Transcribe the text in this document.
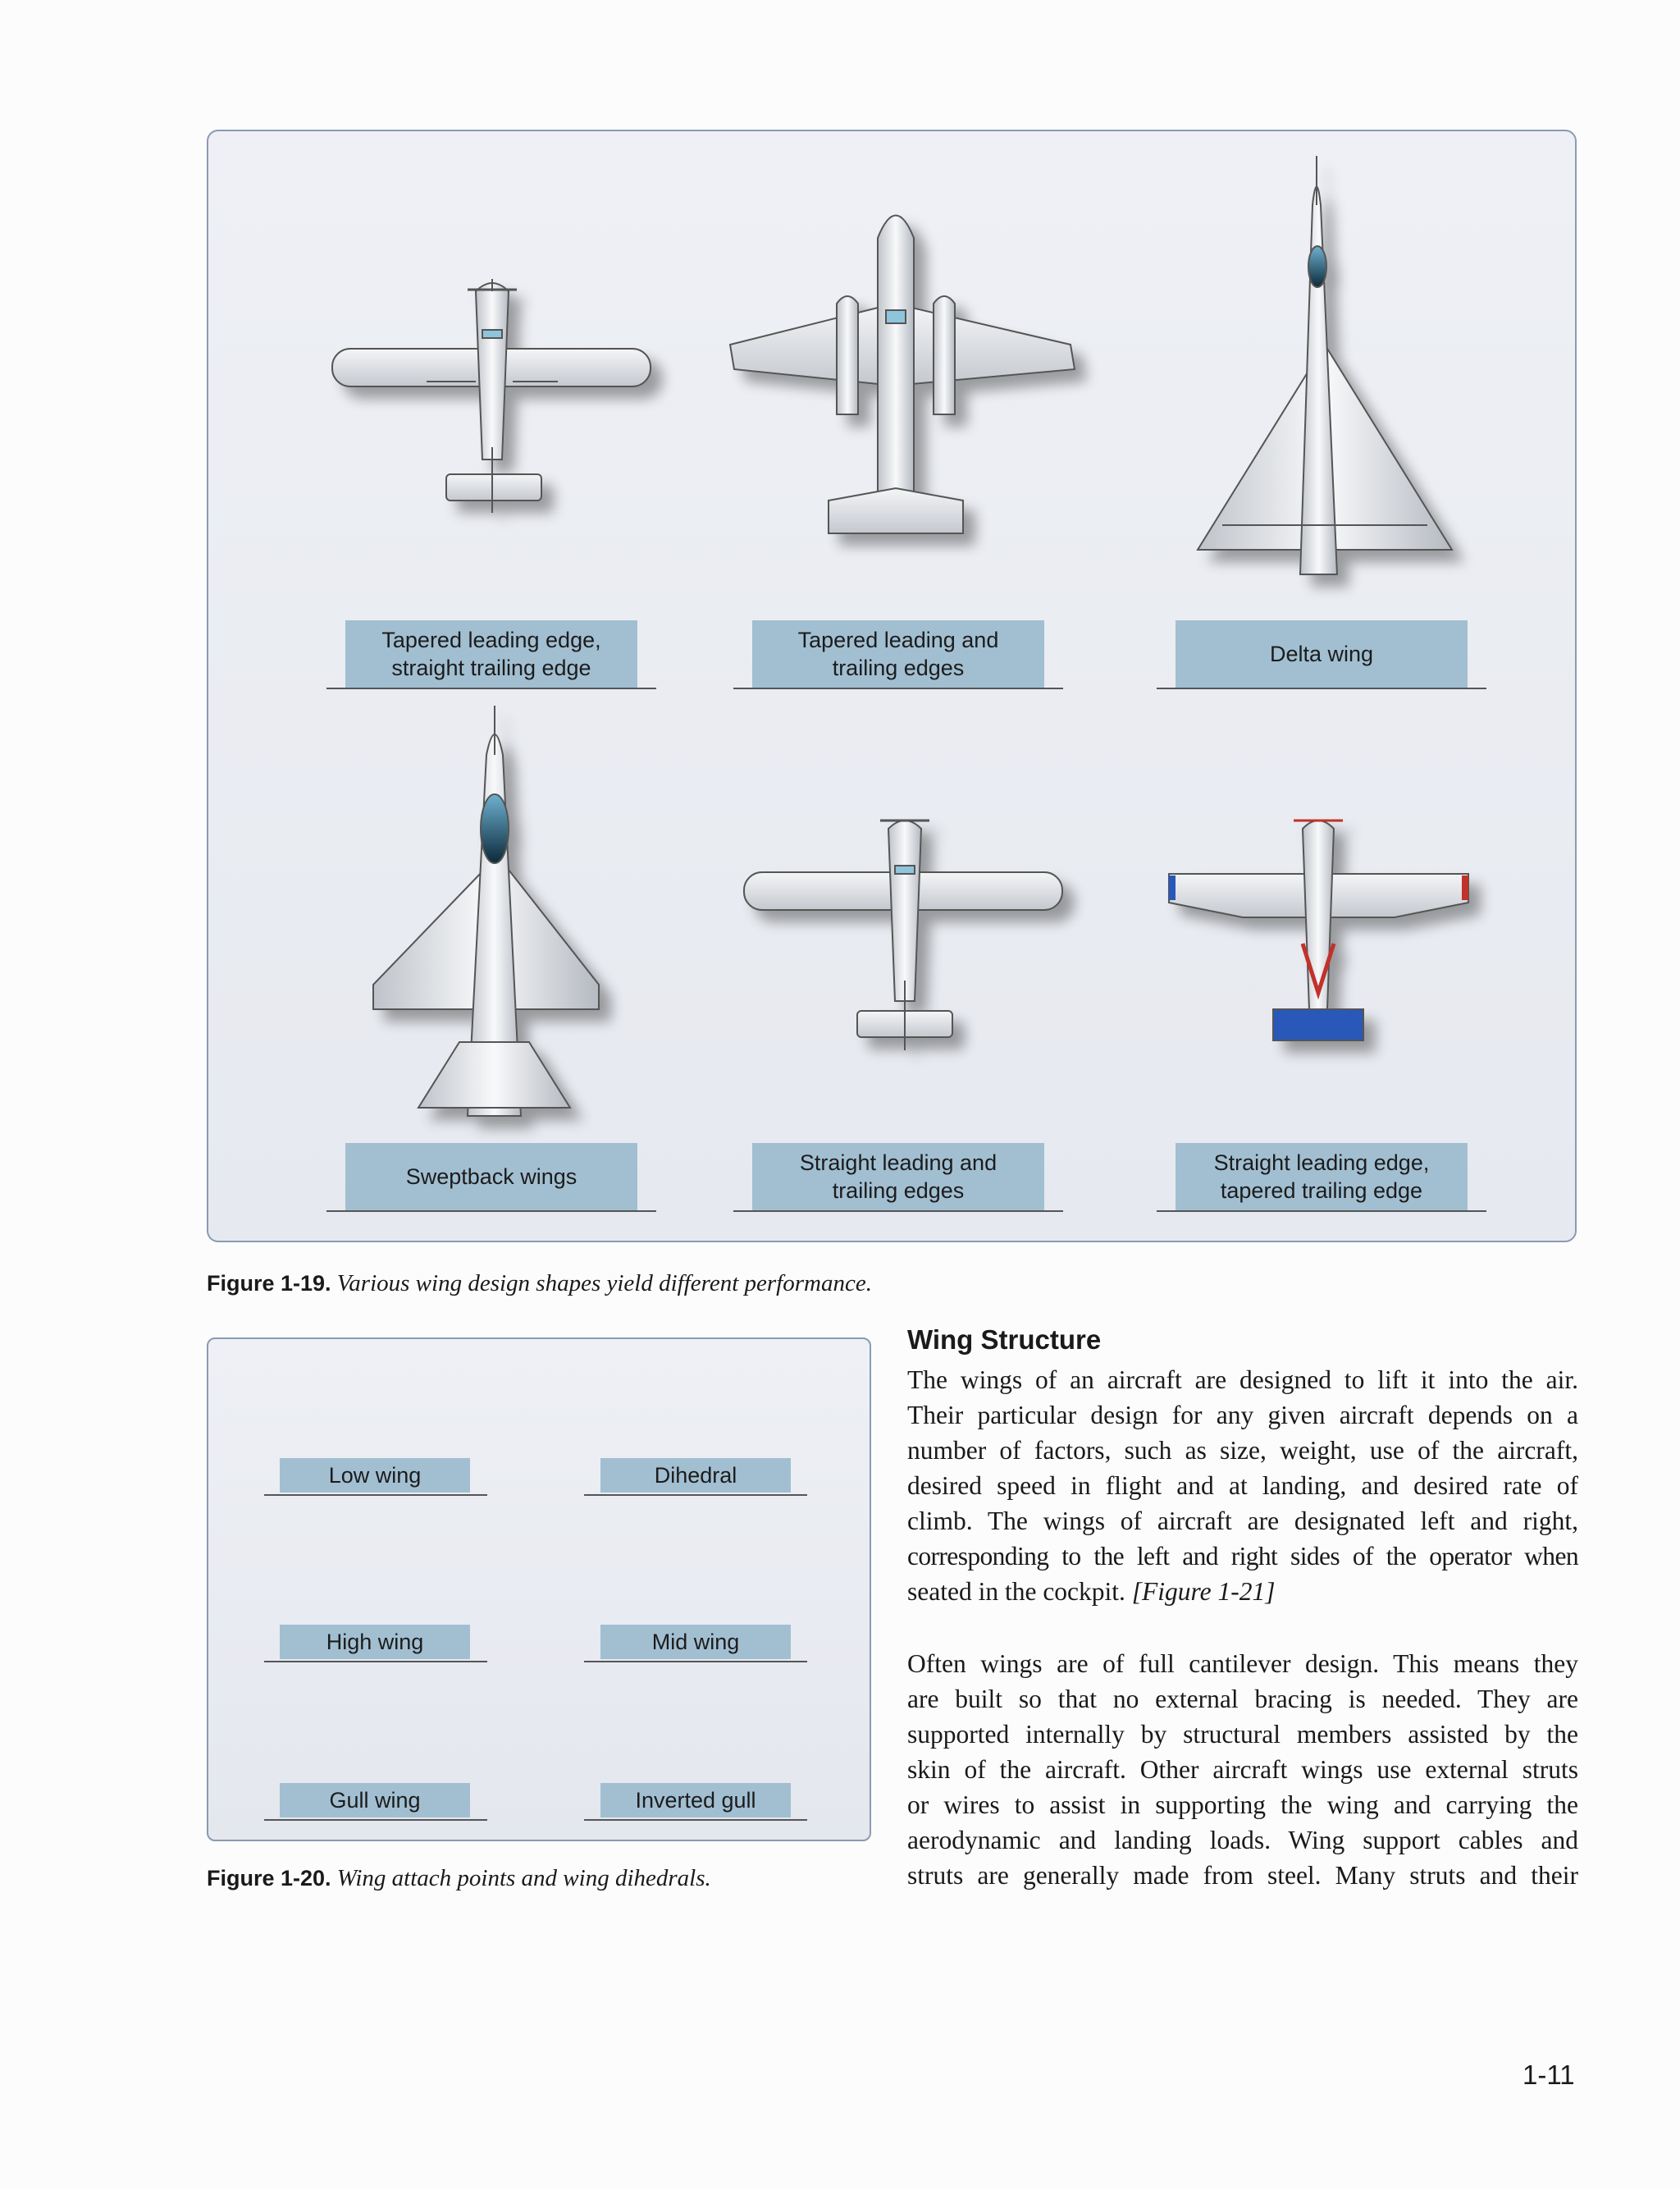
Tapered leading edge,
straight trailing edge
Tapered leading and
trailing edges
Delta wing
Sweptback wings
Straight leading and
trailing edges
Straight leading edge,
tapered trailing edge
Figure 1-19. Various wing design shapes yield different performance.
Low wing	Dihedral
High wing	Mid wing
Gull wing	Inverted gull
Figure 1-20. Wing attach points and wing dihedrals.
Wing Structure
The wings of an aircraft are designed to lift it into the air.
Their particular design for any given aircraft depends on a
number of factors, such as size, weight, use of the aircraft,
desired speed in flight and at landing, and desired rate of
climb. The wings of aircraft are designated left and right,
corresponding to the left and right sides of the operator when
seated in the cockpit. [Figure 1-21]
Often wings are of full cantilever design. This means they
are built so that no external bracing is needed. They are
supported internally by structural members assisted by the
skin of the aircraft. Other aircraft wings use external struts
or wires to assist in supporting the wing and carrying the
aerodynamic and landing loads. Wing support cables and
struts are generally made from steel. Many struts and their
1-11
